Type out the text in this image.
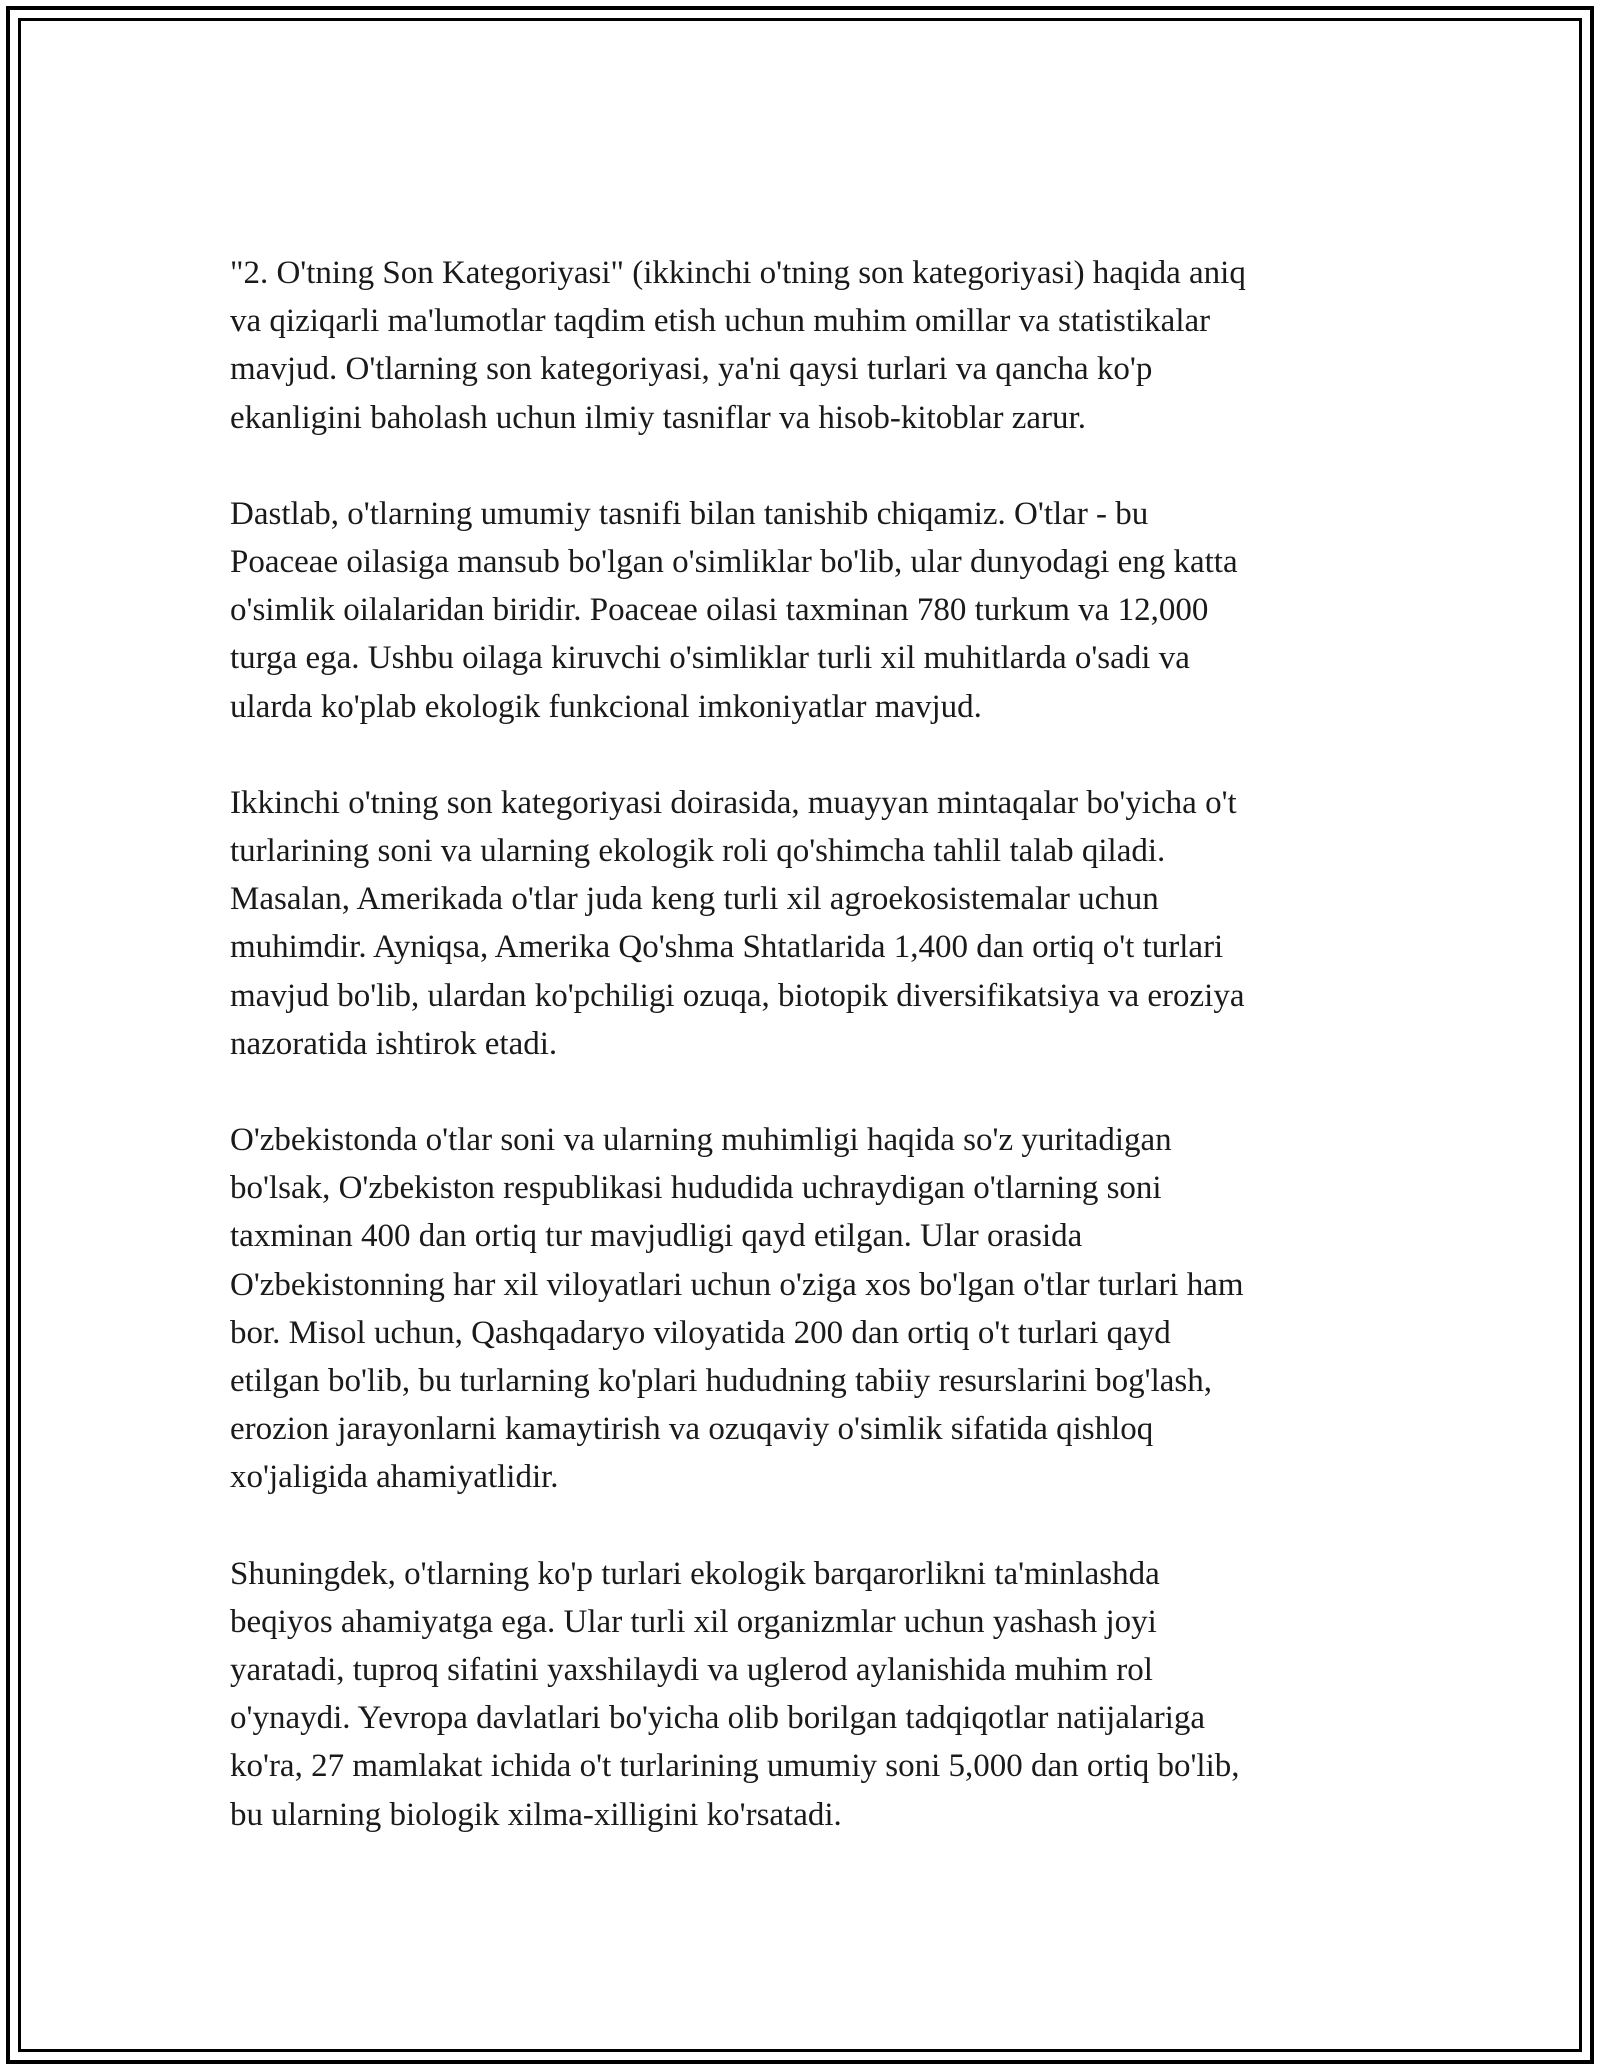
"2. O'tning Son Kategoriyasi" (ikkinchi o'tning son kategoriyasi) haqida aniq
va qiziqarli ma'lumotlar taqdim etish uchun muhim omillar va statistikalar
mavjud. O'tlarning son kategoriyasi, ya'ni qaysi turlari va qancha ko'p
ekanligini baholash uchun ilmiy tasniflar va hisob-kitoblar zarur.

Dastlab, o'tlarning umumiy tasnifi bilan tanishib chiqamiz. O'tlar - bu
Poaceae oilasiga mansub bo'lgan o'simliklar bo'lib, ular dunyodagi eng katta
o'simlik oilalaridan biridir. Poaceae oilasi taxminan 780 turkum va 12,000
turga ega. Ushbu oilaga kiruvchi o'simliklar turli xil muhitlarda o'sadi va
ularda ko'plab ekologik funkcional imkoniyatlar mavjud.

Ikkinchi o'tning son kategoriyasi doirasida, muayyan mintaqalar bo'yicha o't
turlarining soni va ularning ekologik roli qo'shimcha tahlil talab qiladi.
Masalan, Amerikada o'tlar juda keng turli xil agroekosistemalar uchun
muhimdir. Ayniqsa, Amerika Qo'shma Shtatlarida 1,400 dan ortiq o't turlari
mavjud bo'lib, ulardan ko'pchiligi ozuqa, biotopik diversifikatsiya va eroziya
nazoratida ishtirok etadi.

O'zbekistonda o'tlar soni va ularning muhimligi haqida so'z yuritadigan
bo'lsak, O'zbekiston respublikasi hududida uchraydigan o'tlarning soni
taxminan 400 dan ortiq tur mavjudligi qayd etilgan. Ular orasida
O'zbekistonning har xil viloyatlari uchun o'ziga xos bo'lgan o'tlar turlari ham
bor. Misol uchun, Qashqadaryo viloyatida 200 dan ortiq o't turlari qayd
etilgan bo'lib, bu turlarning ko'plari hududning tabiiy resurslarini bog'lash,
erozion jarayonlarni kamaytirish va ozuqaviy o'simlik sifatida qishloq
xo'jaligida ahamiyatlidir.

Shuningdek, o'tlarning ko'p turlari ekologik barqarorlikni ta'minlashda
beqiyos ahamiyatga ega. Ular turli xil organizmlar uchun yashash joyi
yaratadi, tuproq sifatini yaxshilaydi va uglerod aylanishida muhim rol
o'ynaydi. Yevropa davlatlari bo'yicha olib borilgan tadqiqotlar natijalariga
ko'ra, 27 mamlakat ichida o't turlarining umumiy soni 5,000 dan ortiq bo'lib,
bu ularning biologik xilma-xilligini ko'rsatadi.
